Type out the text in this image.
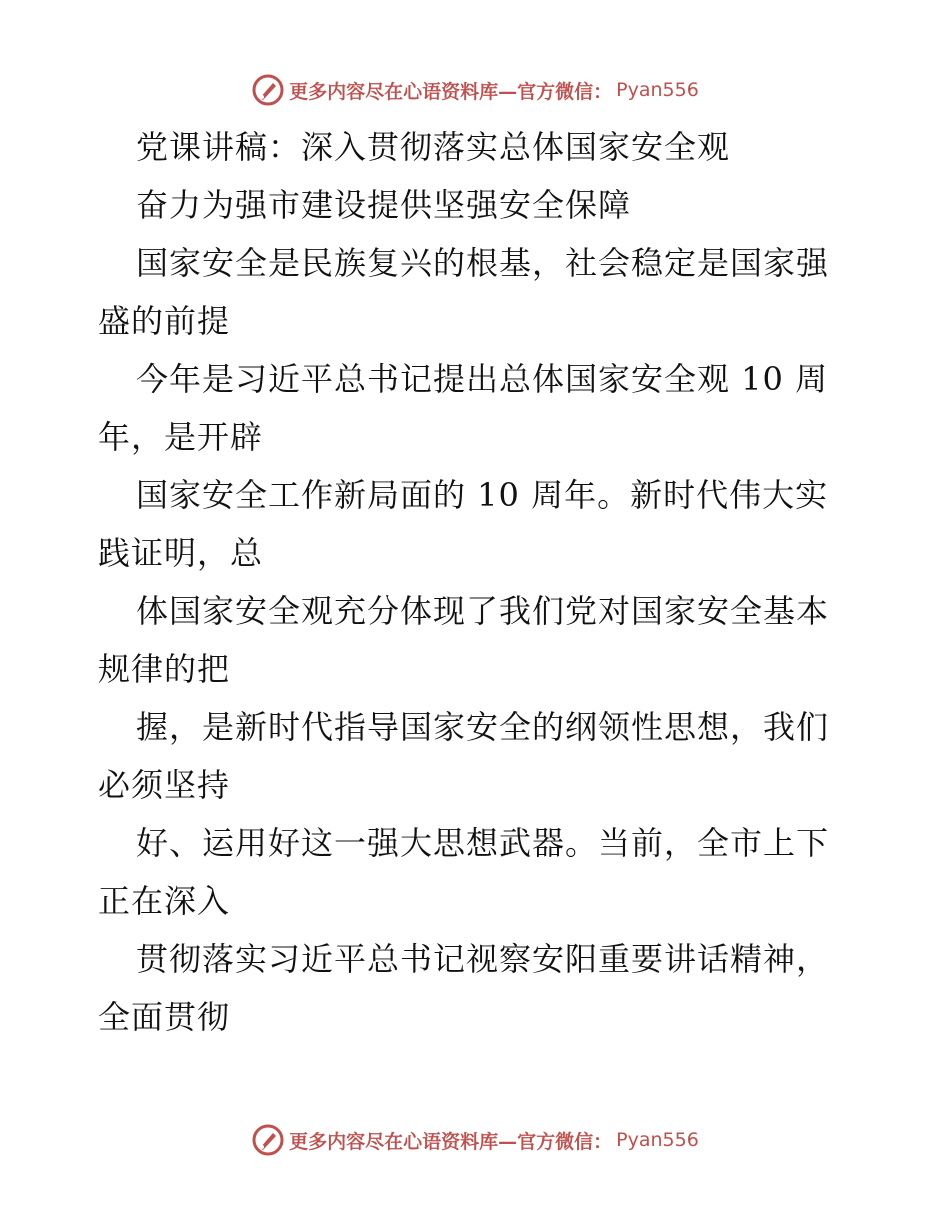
更多内容尽在心语资料库—官方微信： Pyan556
党课讲稿：深入贯彻落实总体国家安全观
奋力为强市建设提供坚强安全保障
国家安全是民族复兴的根基，社会稳定是国家强
盛的前提
今年是习近平总书记提出总体国家安全观 10 周
年，是开辟
国家安全工作新局面的 10 周年。新时代伟大实
践证明，总
体国家安全观充分体现了我们党对国家安全基本
规律的把
握，是新时代指导国家安全的纲领性思想，我们
必须坚持
好、运用好这一强大思想武器。当前，全市上下
正在深入
贯彻落实习近平总书记视察安阳重要讲话精神，
全面贯彻
更多内容尽在心语资料库—官方微信： Pyan556
